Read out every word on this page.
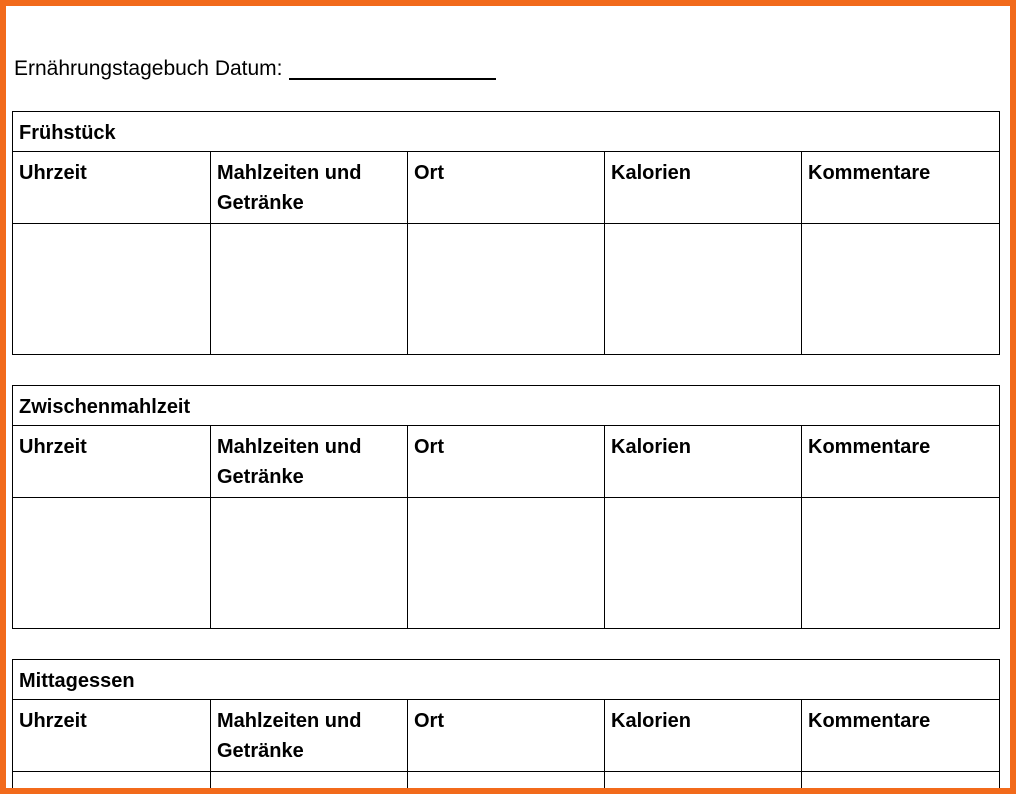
Ernährungstagebuch Datum:
Frühstück				
Uhrzeit	Mahlzeiten und Getränke	Ort	Kalorien	Kommentare

Zwischenmahlzeit				
Uhrzeit	Mahlzeiten und Getränke	Ort	Kalorien	Kommentare

Mittagessen				
Uhrzeit	Mahlzeiten und Getränke	Ort	Kalorien	Kommentare
